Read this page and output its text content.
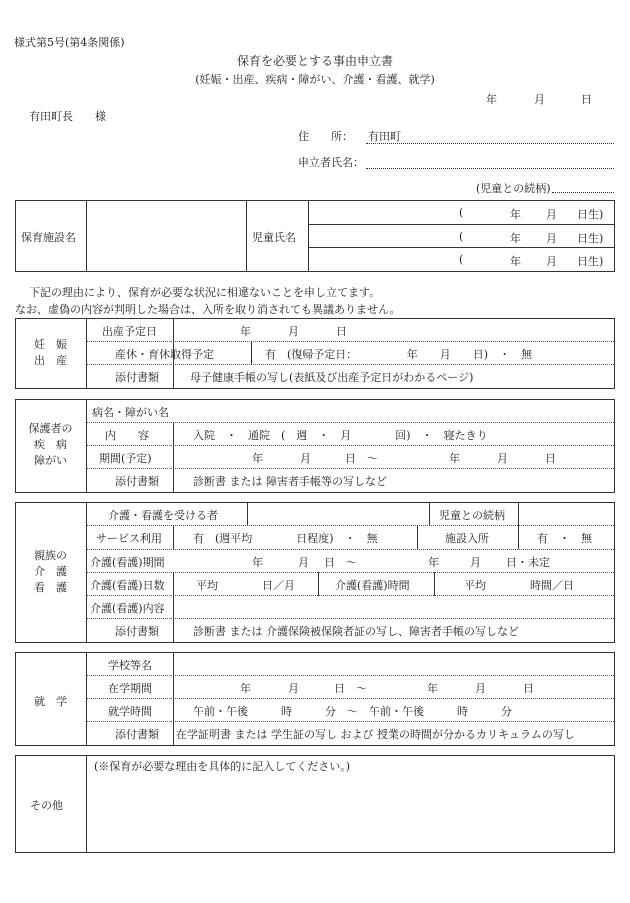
様式第5号(第4条関係)
保育を必要とする事由申立書
(妊娠・出産、疾病・障がい、介護・看護、就学)
年	月	日
有田町長　　様
住　　所： 有田町
申立者氏名：
(児童との続柄)
保育施設名	児童氏名
(	年 月 日生)
(	年 月 日生)
(	年 月 日生)
下記の理由により、保育が必要な状況に相違ないことを申し立てます。
なお、虚偽の内容が判明した場合は、入所を取り消されても異議ありません。
妊　娠
出　産
出産予定日	年	月	日
産休・育休取得予定	有　(復帰予定日：　　　　　年　　月　　日)　・　無
添付書類	母子健康手帳の写し(表紙及び出産予定日がわかるページ)
保護者の
疾　病
障がい
病名・障がい名
内　　容	入院　・　通院　(　週　・　月　　　　回)　・　寝たきり
期間(予定)	年	月	日　〜	年	月	日
添付書類	診断書 または 障害者手帳等の写しなど
親族の
介　護
看　護
介護・看護を受ける者	児童との続柄
サービス利用	有　(週平均　　　　日程度)　・　無	施設入所	有　・　無
介護(看護)期間	年	月 日　〜	年	月 日・未定
介護(看護)日数	平均　　　　日／月	介護(看護)時間	平均　　　　時間／日
介護(看護)内容
添付書類	診断書 または 介護保険被保険者証の写し、障害者手帳の写しなど
就　学
学校等名
在学期間	年	月	日　〜	年	月	日
就学時間	午前・午後　　　時　　　分　〜　午前・午後　　　時　　　分
添付書類 在学証明書 または 学生証の写し および 授業の時間が分かるカリキュラムの写し
その他
(※保育が必要な理由を具体的に記入してください。)
